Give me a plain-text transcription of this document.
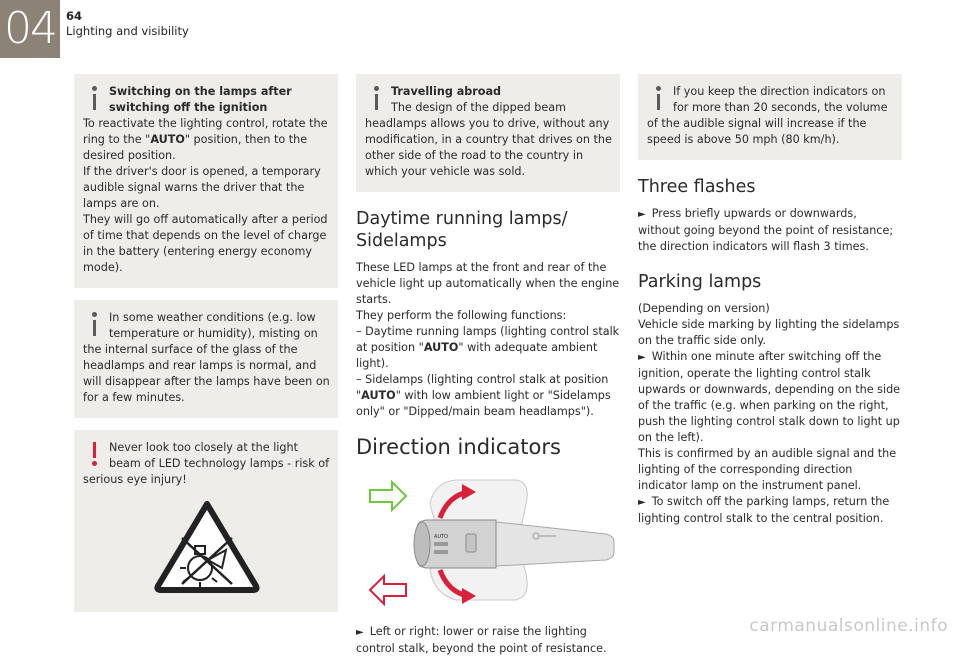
04 64
Lighting and visibility

Switching on the lamps after switching off the ignition

To reactivate the lighting control, rotate the ring to the "AUTO" position, then to the desired position.

If the driver's door is opened, a temporary audible signal warns the driver that the lamps are on.

They will go off automatically after a period of time that depends on the level of charge in the battery (entering energy economy mode).

In some weather conditions (e.g. low temperature or humidity), misting on the internal surface of the glass of the headlamps and rear lamps is normal, and will disappear after the lamps have been on for a few minutes.

Never look too closely at the light beam of LED technology lamps - risk of serious eye injury!

Travelling abroad

The design of the dipped beam headlamps allows you to drive, without any modification, in a country that drives on the other side of the road to the country in which your vehicle was sold.

Daytime running lamps/ Sidelamps

These LED lamps at the front and rear of the vehicle light up automatically when the engine starts.

They perform the following functions:

– Daytime running lamps (lighting control stalk at position "AUTO" with adequate ambient light).

– Sidelamps (lighting control stalk at position "AUTO" with low ambient light or "Sidelamps only" or "Dipped/main beam headlamps").

Direction indicators
AUTO

► Left or right: lower or raise the lighting control stalk, beyond the point of resistance.

If you keep the direction indicators on for more than 20 seconds, the volume of the audible signal will increase if the speed is above 50 mph (80 km/h).

Three flashes

► Press briefly upwards or downwards, without going beyond the point of resistance; the direction indicators will flash 3 times.

Parking lamps

(Depending on version)

Vehicle side marking by lighting the sidelamps on the traffic side only.

► Within one minute after switching off the ignition, operate the lighting control stalk upwards or downwards, depending on the side of the traffic (e.g. when parking on the right, push the lighting control stalk down to light up on the left).

This is confirmed by an audible signal and the lighting of the corresponding direction indicator lamp on the instrument panel.

► To switch off the parking lamps, return the lighting control stalk to the central position.

carmanualsonline.info
